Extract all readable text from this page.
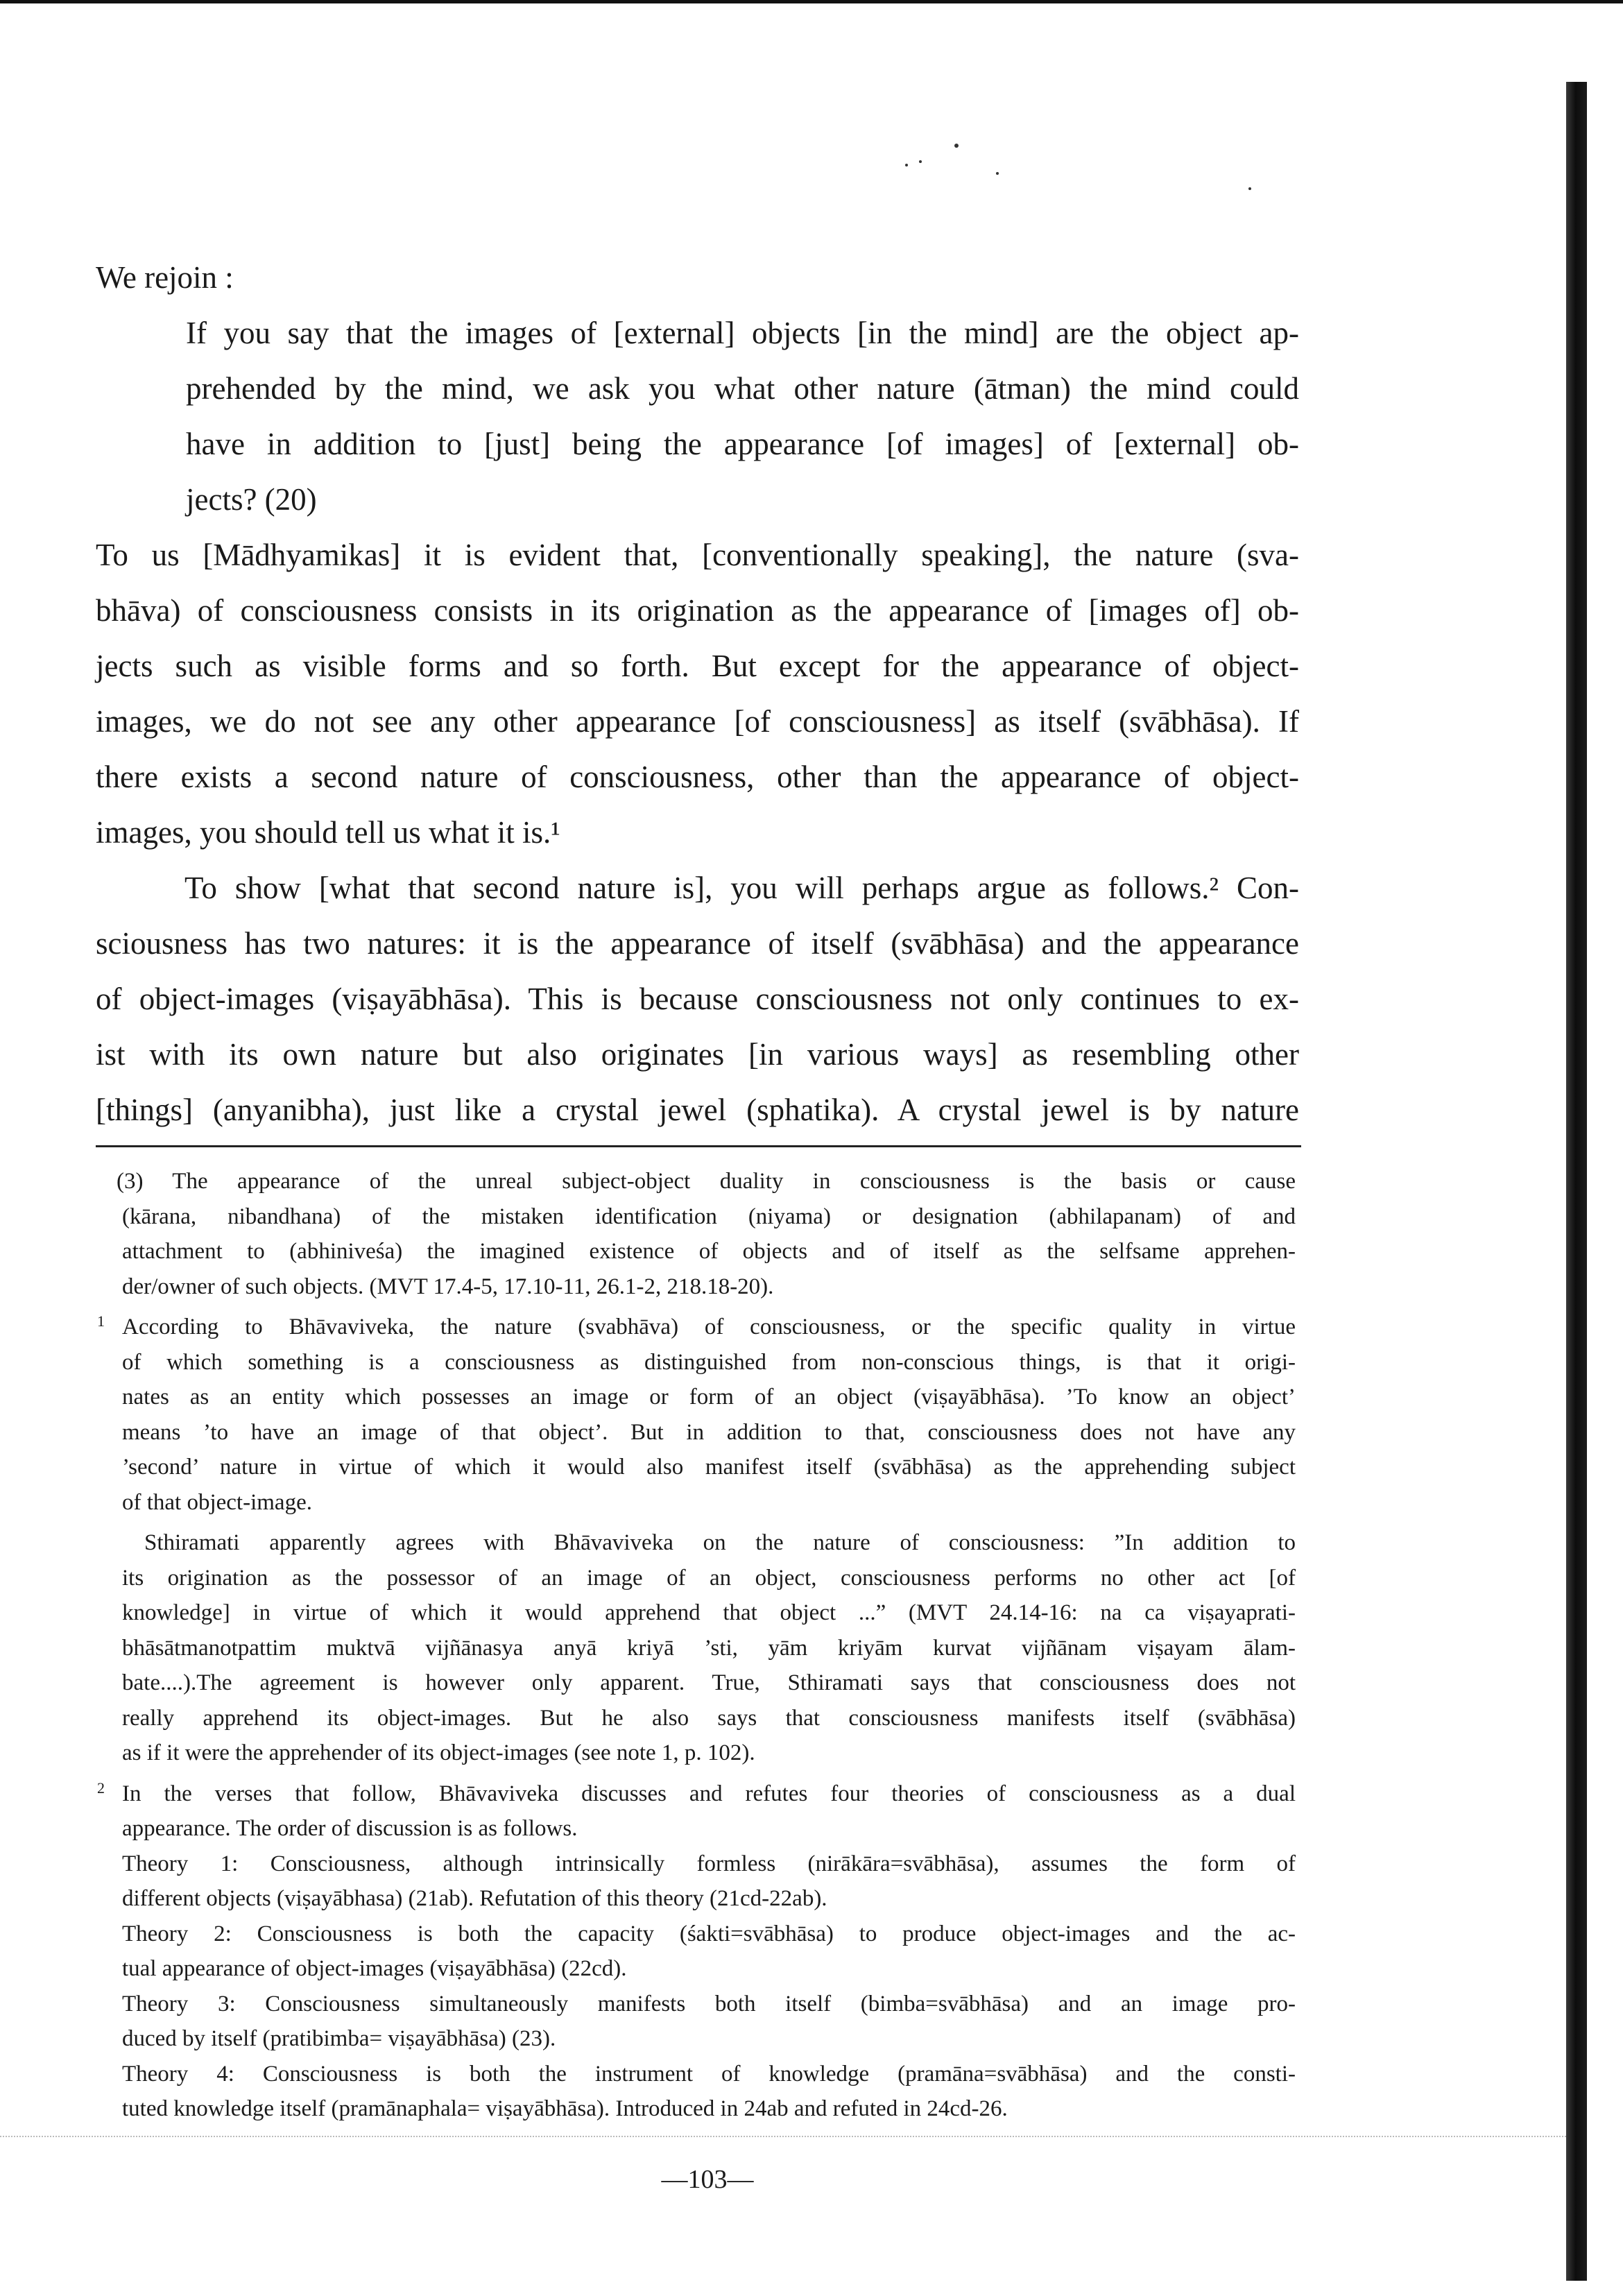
We rejoin :
If you say that the images of [external] objects [in the mind] are the object ap-
prehended by the mind, we ask you what other nature (ātman) the mind could
have in addition to [just] being the appearance [of images] of [external] ob-
jects? (20)
To us [Mādhyamikas] it is evident that, [conventionally speaking], the nature (sva-
bhāva) of consciousness consists in its origination as the appearance of [images of] ob-
jects such as visible forms and so forth. But except for the appearance of object-
images, we do not see any other appearance [of consciousness] as itself (svābhāsa). If
there exists a second nature of consciousness, other than the appearance of object-
images, you should tell us what it is.¹
To show [what that second nature is], you will perhaps argue as follows.² Con-
sciousness has two natures: it is the appearance of itself (svābhāsa) and the appearance
of object-images (viṣayābhāsa). This is because consciousness not only continues to ex-
ist with its own nature but also originates [in various ways] as resembling other
[things] (anyanibha), just like a crystal jewel (sphatika). A crystal jewel is by nature
(3) The appearance of the unreal subject-object duality in consciousness is the basis or cause
(kārana, nibandhana) of the mistaken identification (niyama) or designation (abhilapanam) of and
attachment to (abhiniveśa) the imagined existence of objects and of itself as the selfsame apprehen-
der/owner of such objects. (MVT 17.4-5, 17.10-11, 26.1-2, 218.18-20).
1 According to Bhāvaviveka, the nature (svabhāva) of consciousness, or the specific quality in virtue
of which something is a consciousness as distinguished from non-conscious things, is that it origi-
nates as an entity which possesses an image or form of an object (viṣayābhāsa). ’To know an object’
means ’to have an image of that object’. But in addition to that, consciousness does not have any
’second’ nature in virtue of which it would also manifest itself (svābhāsa) as the apprehending subject
of that object-image.
Sthiramati apparently agrees with Bhāvaviveka on the nature of consciousness: ”In addition to
its origination as the possessor of an image of an object, consciousness performs no other act [of
knowledge] in virtue of which it would apprehend that object ...” (MVT 24.14-16: na ca viṣayaprati-
bhāsātmanotpattim muktvā vijñānasya anyā kriyā ’sti, yām kriyām kurvat vijñānam viṣayam ālam-
bate....).The agreement is however only apparent. True, Sthiramati says that consciousness does not
really apprehend its object-images. But he also says that consciousness manifests itself (svābhāsa)
as if it were the apprehender of its object-images (see note 1, p. 102).
2 In the verses that follow, Bhāvaviveka discusses and refutes four theories of consciousness as a dual
appearance. The order of discussion is as follows.
Theory 1: Consciousness, although intrinsically formless (nirākāra=svābhāsa), assumes the form of
different objects (viṣayābhasa) (21ab). Refutation of this theory (21cd-22ab).
Theory 2: Consciousness is both the capacity (śakti=svābhāsa) to produce object-images and the ac-
tual appearance of object-images (viṣayābhāsa) (22cd).
Theory 3: Consciousness simultaneously manifests both itself (bimba=svābhāsa) and an image pro-
duced by itself (pratibimba= viṣayābhāsa) (23).
Theory 4: Consciousness is both the instrument of knowledge (pramāna=svābhāsa) and the consti-
tuted knowledge itself (pramānaphala= viṣayābhāsa). Introduced in 24ab and refuted in 24cd-26.
—103—
